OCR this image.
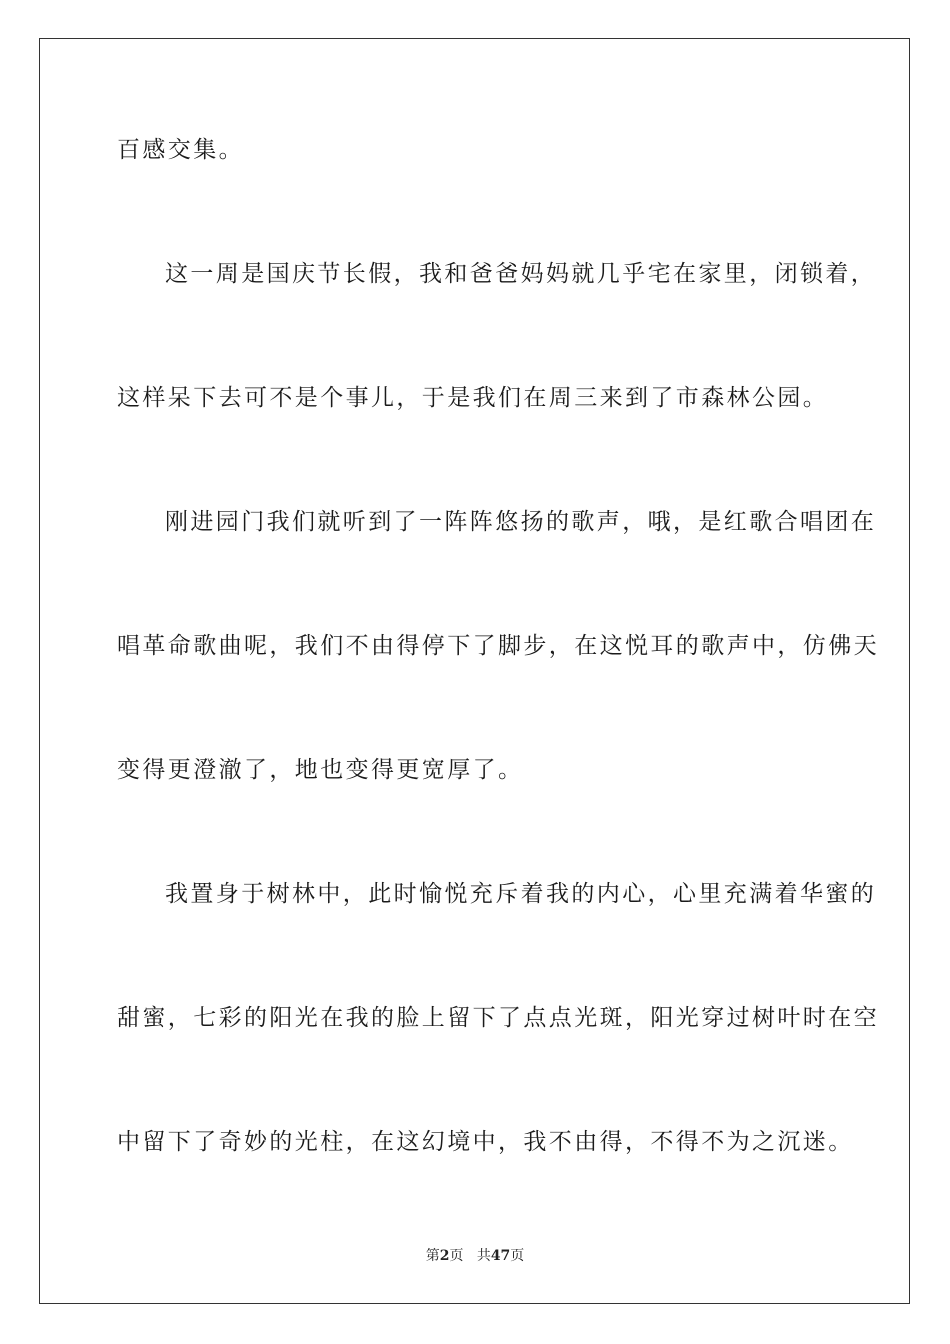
百感交集。
这一周是国庆节长假，我和爸爸妈妈就几乎宅在家里，闭锁着，
这样呆下去可不是个事儿，于是我们在周三来到了市森林公园。
刚进园门我们就听到了一阵阵悠扬的歌声，哦，是红歌合唱团在
唱革命歌曲呢，我们不由得停下了脚步，在这悦耳的歌声中，仿佛天
变得更澄澈了，地也变得更宽厚了。
我置身于树林中，此时愉悦充斥着我的内心，心里充满着华蜜的
甜蜜，七彩的阳光在我的脸上留下了点点光斑，阳光穿过树叶时在空
中留下了奇妙的光柱，在这幻境中，我不由得，不得不为之沉迷。
第2页 共47页
